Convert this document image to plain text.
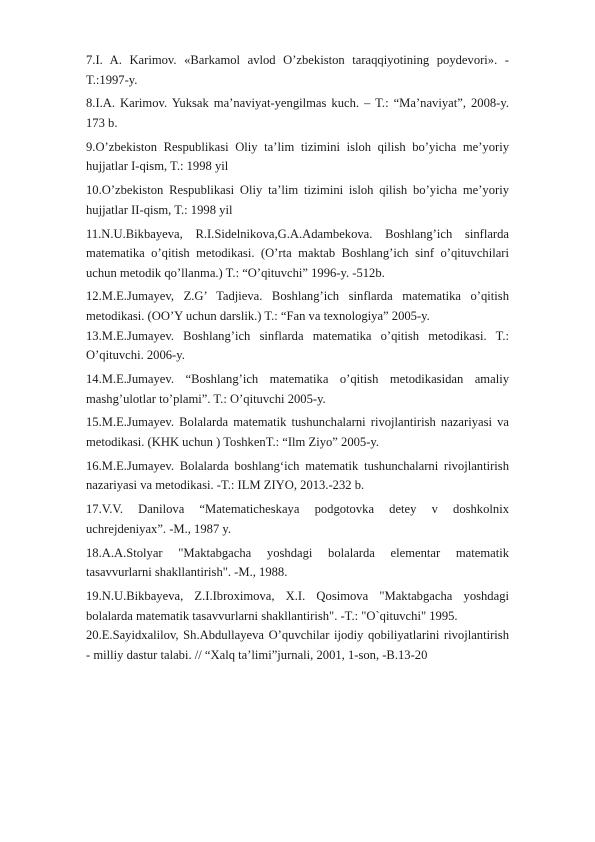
7.I. A. Karimov. «Barkamol avlod O’zbekiston taraqqiyotining poydevori». - T.:1997-y.

8.I.A. Karimov. Yuksak ma’naviyat-yengilmas kuch. – T.: “Ma’naviyat”, 2008-y. 173 b.

9.O’zbekiston Respublikasi Oliy ta’lim tizimini isloh qilish bo’yicha me’yoriy hujjatlar I-qism, T.: 1998 yil

10.O’zbekiston Respublikasi Oliy ta’lim tizimini isloh qilish bo’yicha me’yoriy hujjatlar II-qism, T.: 1998 yil

11.N.U.Bikbayeva, R.I.Sidelnikova,G.A.Adambekova. Boshlang’ich sinflarda matematika o’qitish metodikasi. (O’rta maktab Boshlang’ich sinf o’qituvchilari uchun metodik qo’llanma.) T.: “O’qituvchi” 1996-y. -512b.

12.M.E.Jumayev, Z.G’ Tadjieva. Boshlang’ich sinflarda matematika o’qitish metodikasi. (OO’Y uchun darslik.) T.: “Fan va texnologiya” 2005-y.

13.M.E.Jumayev. Boshlang’ich sinflarda matematika o’qitish metodikasi. T.: O’qituvchi. 2006-y.

14.M.E.Jumayev. “Boshlang’ich matematika o’qitish metodikasidan amaliy mashg’ulotlar to’plami”. T.: O’qituvchi 2005-y.

15.M.E.Jumayev. Bolalarda matematik tushunchalarni rivojlantirish nazariyasi va metodikasi. (KHK uchun ) ToshkenT.: “Ilm Ziyo” 2005-y.

16.M.E.Jumayev. Bolalarda boshlang‘ich matematik tushunchalarni rivojlantirish nazariyasi va metodikasi. -T.: ILM ZIYO, 2013.-232 b.

17.V.V. Danilova “Matematicheskaya podgotovka detey v doshkolnix uchrejdeniyax”. -M., 1987 y.

18.A.A.Stolyar "Maktabgacha yoshdagi bolalarda elementar matematik tasavvurlarni shakllantirish". -M., 1988.

19.N.U.Bikbayeva, Z.I.Ibroximova, X.I. Qosimova "Maktabgacha yoshdagi bolalarda matematik tasavvurlarni shakllantirish". -T.: "O`qituvchi" 1995.

20.E.Sayidxalilov, Sh.Abdullayeva O’quvchilar ijodiy qobiliyatlarini rivojlantirish - milliy dastur talabi. // “Xalq ta’limi”jurnali, 2001, 1-son, -B.13-20
